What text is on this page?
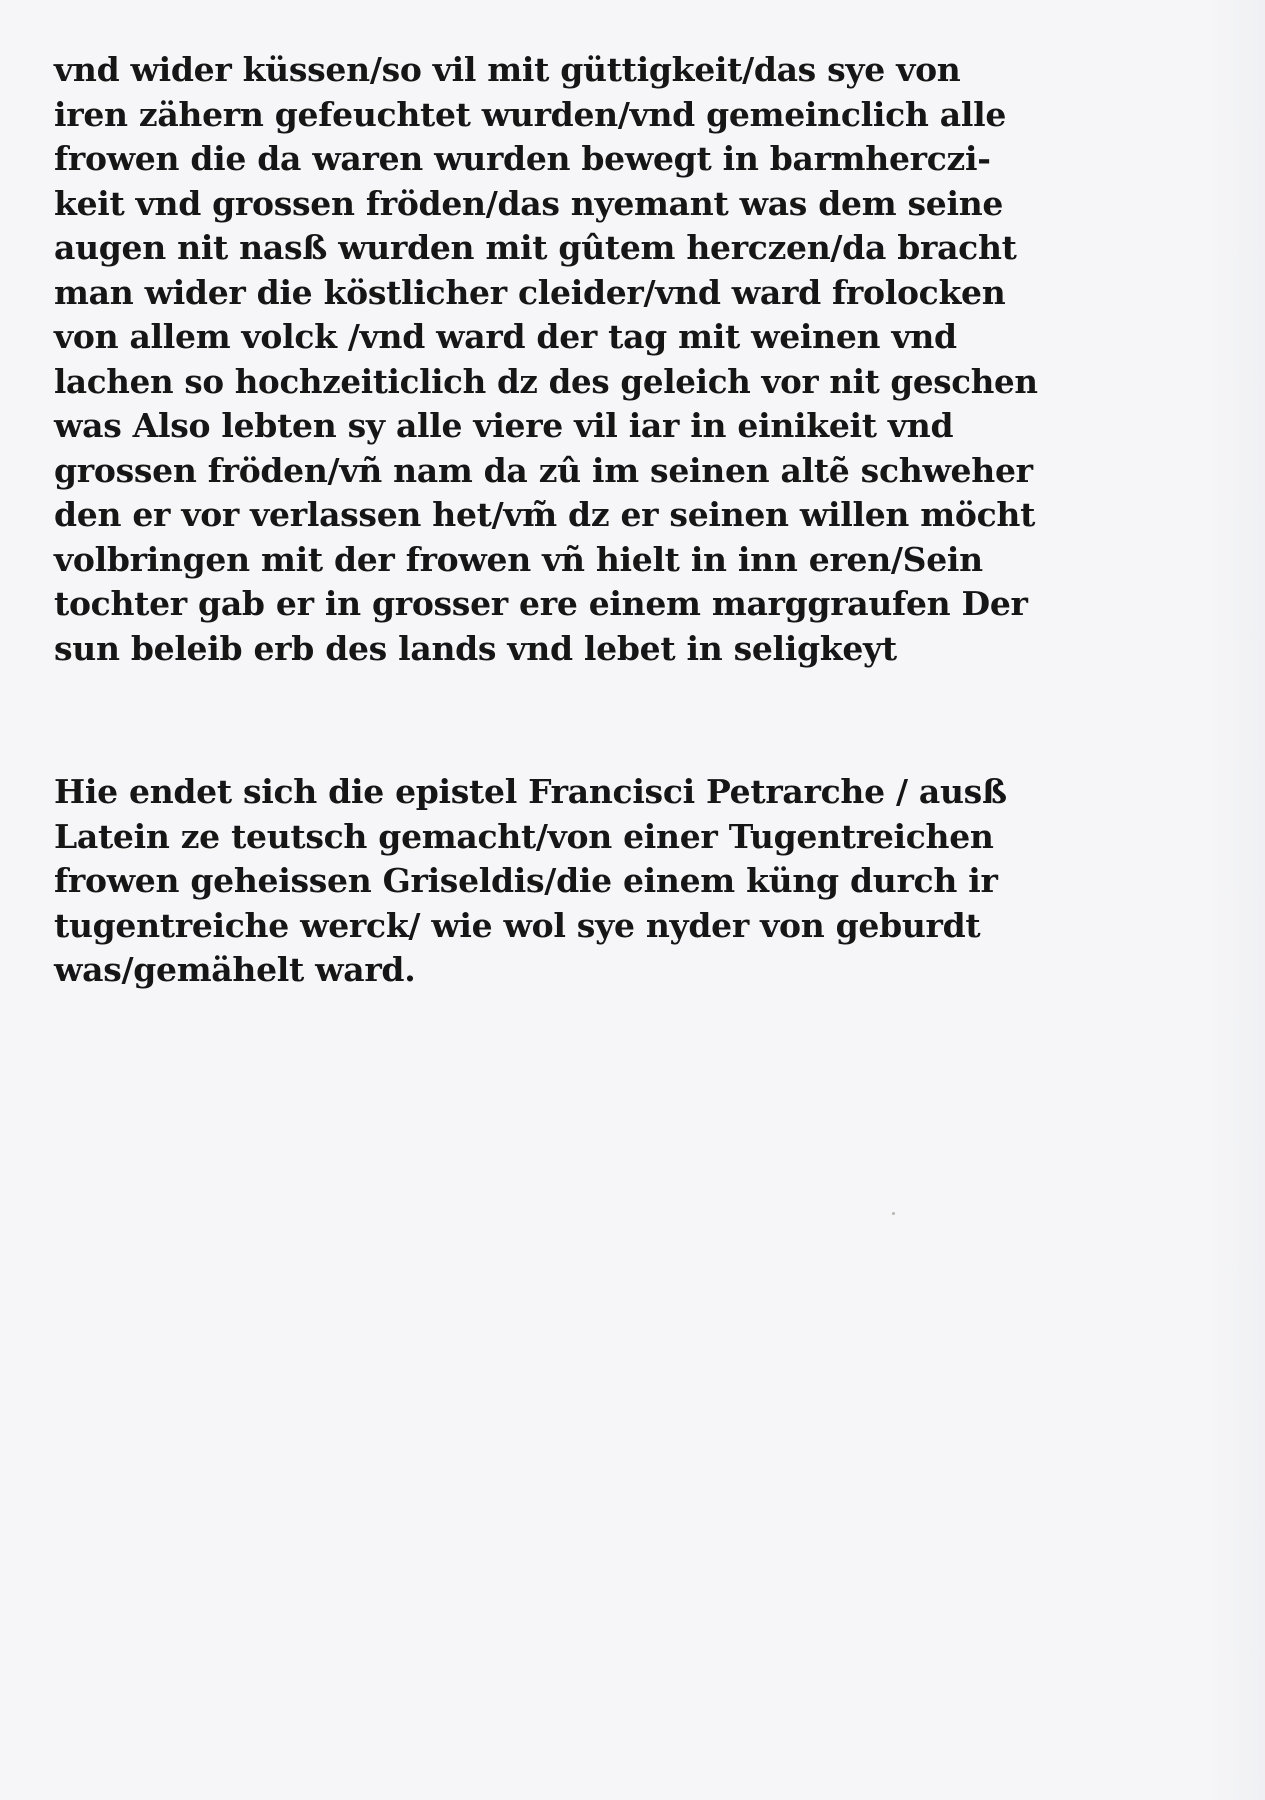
vnd wider küssen/so vil mit güttigkeit/das sye von
iren zähern gefeuchtet wurden/vnd gemeinclich alle
frowen die da waren wurden bewegt in barmherczi-
keit vnd grossen fröden/das nyemant was dem seine
augen nit nasß wurden mit gûtem herczen/da bracht
man wider die köstlicher cleider/vnd ward frolocken
von allem volck /vnd ward der tag mit weinen vnd
lachen so hochzeiticlich dz des geleich vor nit geschen
was Also lebten sy alle viere vil iar in einikeit vnd
grossen fröden/vñ nam da zû im seinen altẽ schweher
den er vor verlassen het/vm̃ dz er seinen willen möcht
volbringen mit der frowen vñ hielt in inn eren/Sein
tochter gab er in grosser ere einem marggraufen Der
sun beleib erb des lands vnd lebet in seligkeyt
Hie endet sich die epistel Francisci Petrarche / ausß
Latein ze teutsch gemacht/von einer Tugentreichen
frowen geheissen Griseldis/die einem küng durch ir
tugentreiche werck/ wie wol sye nyder von geburdt
was/gemähelt ward.
